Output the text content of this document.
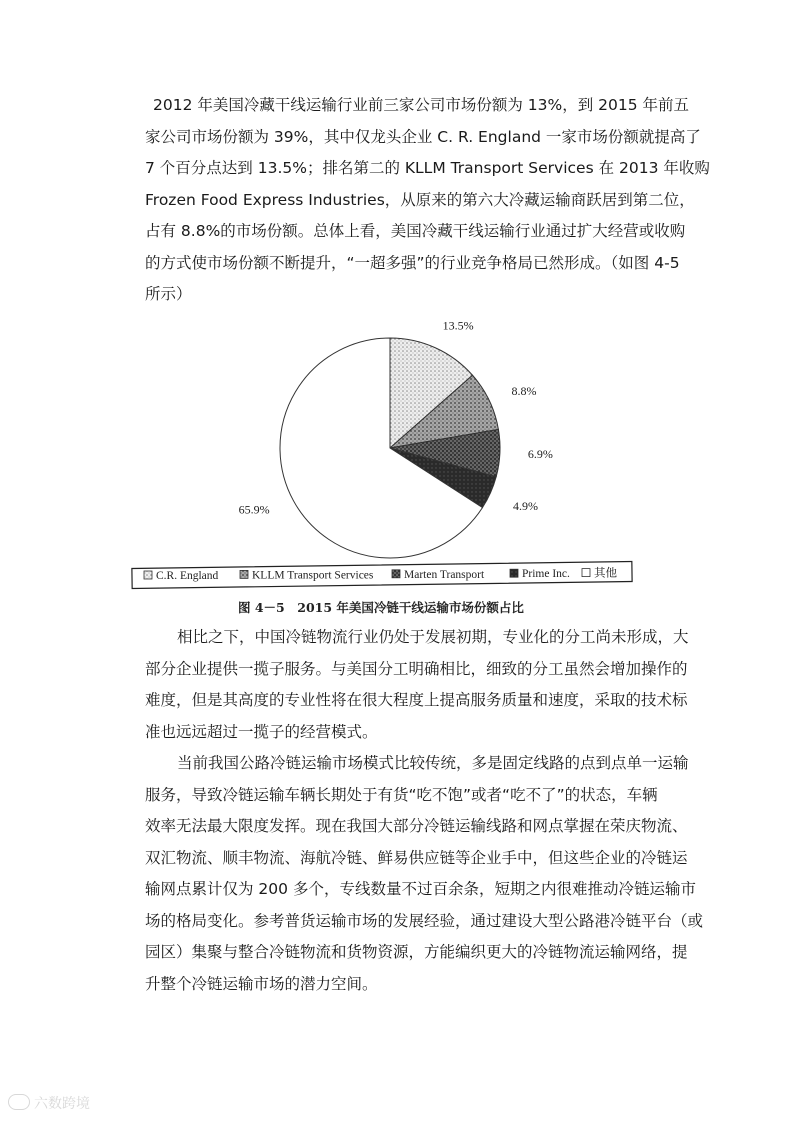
2012 年美国冷藏干线运输行业前三家公司市场份额为 13%，到 2015 年前五
家公司市场份额为 39%，其中仅龙头企业 C. R. England 一家市场份额就提高了
7 个百分点达到 13.5%；排名第二的 KLLM Transport Services 在 2013 年收购
Frozen Food Express Industries，从原来的第六大冷藏运输商跃居到第二位，
占有 8.8%的市场份额。总体上看，美国冷藏干线运输行业通过扩大经营或收购
的方式使市场份额不断提升，“一超多强”的行业竞争格局已然形成。（如图 4-5
所示）
13.5%
8.8%
6.9%
4.9%
65.9%
C.R. England	KLLM Transport Services	Marten Transport	Prime Inc. 其他
图 4－5　2015 年美国冷链干线运输市场份额占比
相比之下，中国冷链物流行业仍处于发展初期，专业化的分工尚未形成，大
部分企业提供一揽子服务。与美国分工明确相比，细致的分工虽然会增加操作的
难度，但是其高度的专业性将在很大程度上提高服务质量和速度，采取的技术标
准也远远超过一揽子的经营模式。
当前我国公路冷链运输市场模式比较传统，多是固定线路的点到点单一运输
服务，导致冷链运输车辆长期处于有货“吃不饱”或者“吃不了”的状态，车辆
效率无法最大限度发挥。现在我国大部分冷链运输线路和网点掌握在荣庆物流、
双汇物流、顺丰物流、海航冷链、鲜易供应链等企业手中，但这些企业的冷链运
输网点累计仅为 200 多个，专线数量不过百余条，短期之内很难推动冷链运输市
场的格局变化。参考普货运输市场的发展经验，通过建设大型公路港冷链平台（或
园区）集聚与整合冷链物流和货物资源，方能编织更大的冷链物流运输网络，提
升整个冷链运输市场的潜力空间。
六数跨境
